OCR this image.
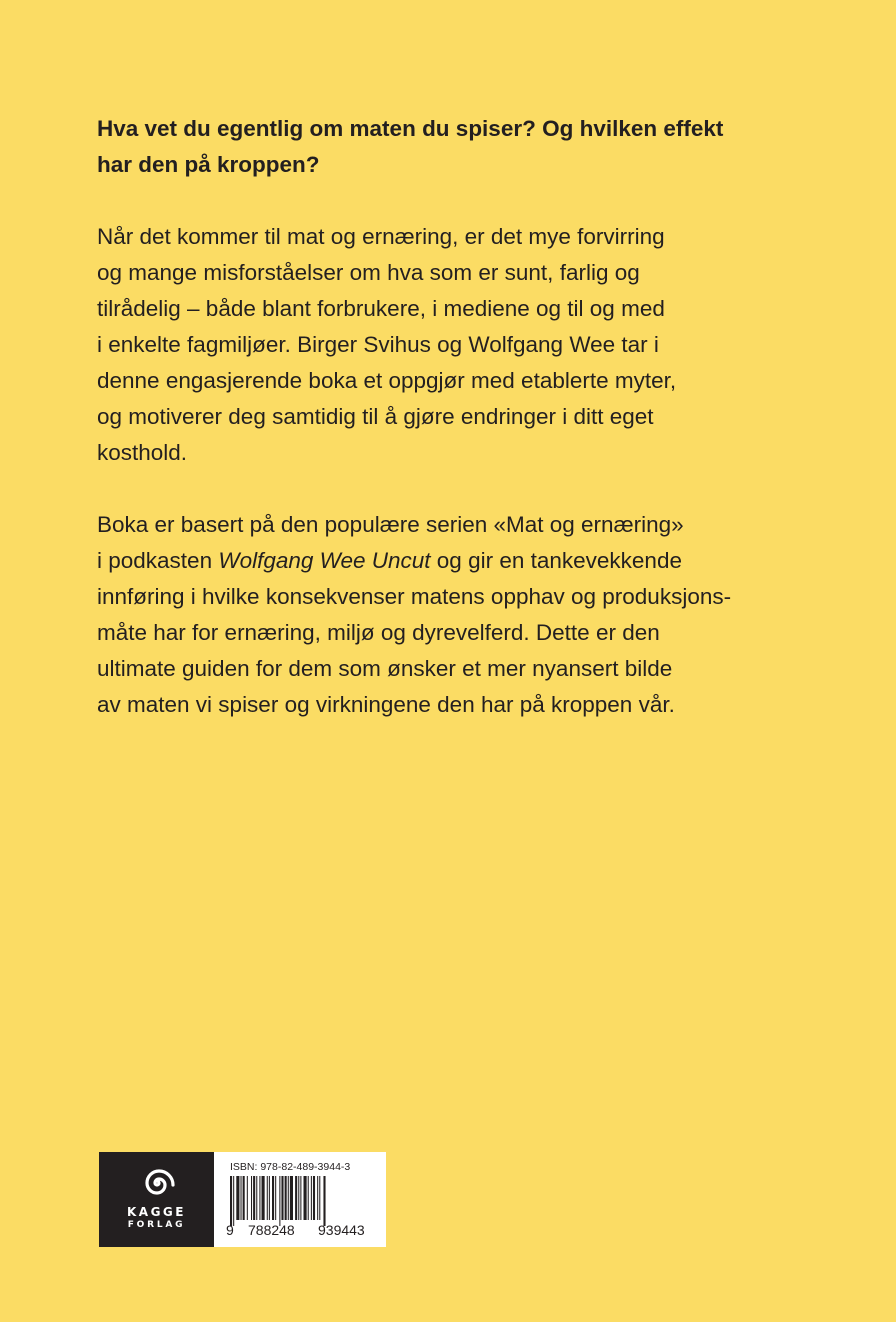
Hva vet du egentlig om maten du spiser? Og hvilken effekt
har den på kroppen?

Når det kommer til mat og ernæring, er det mye forvirring
og mange misforståelser om hva som er sunt, farlig og
tilrådelig – både blant forbrukere, i mediene og til og med
i enkelte fagmiljøer. Birger Svihus og Wolfgang Wee tar i
denne engasjerende boka et oppgjør med etablerte myter,
og motiverer deg samtidig til å gjøre endringer i ditt eget
kosthold.

Boka er basert på den populære serien «Mat og ernæring»
i podkasten Wolfgang Wee Uncut og gir en tankevekkende
innføring i hvilke konsekvenser matens opphav og produksjons-
måte har for ernæring, miljø og dyrevelferd. Dette er den
ultimate guiden for dem som ønsker et mer nyansert bilde
av maten vi spiser og virkningene den har på kroppen vår.

KAGGE
FORLAG
ISBN: 978-82-489-3944-3
9 788248 939443
